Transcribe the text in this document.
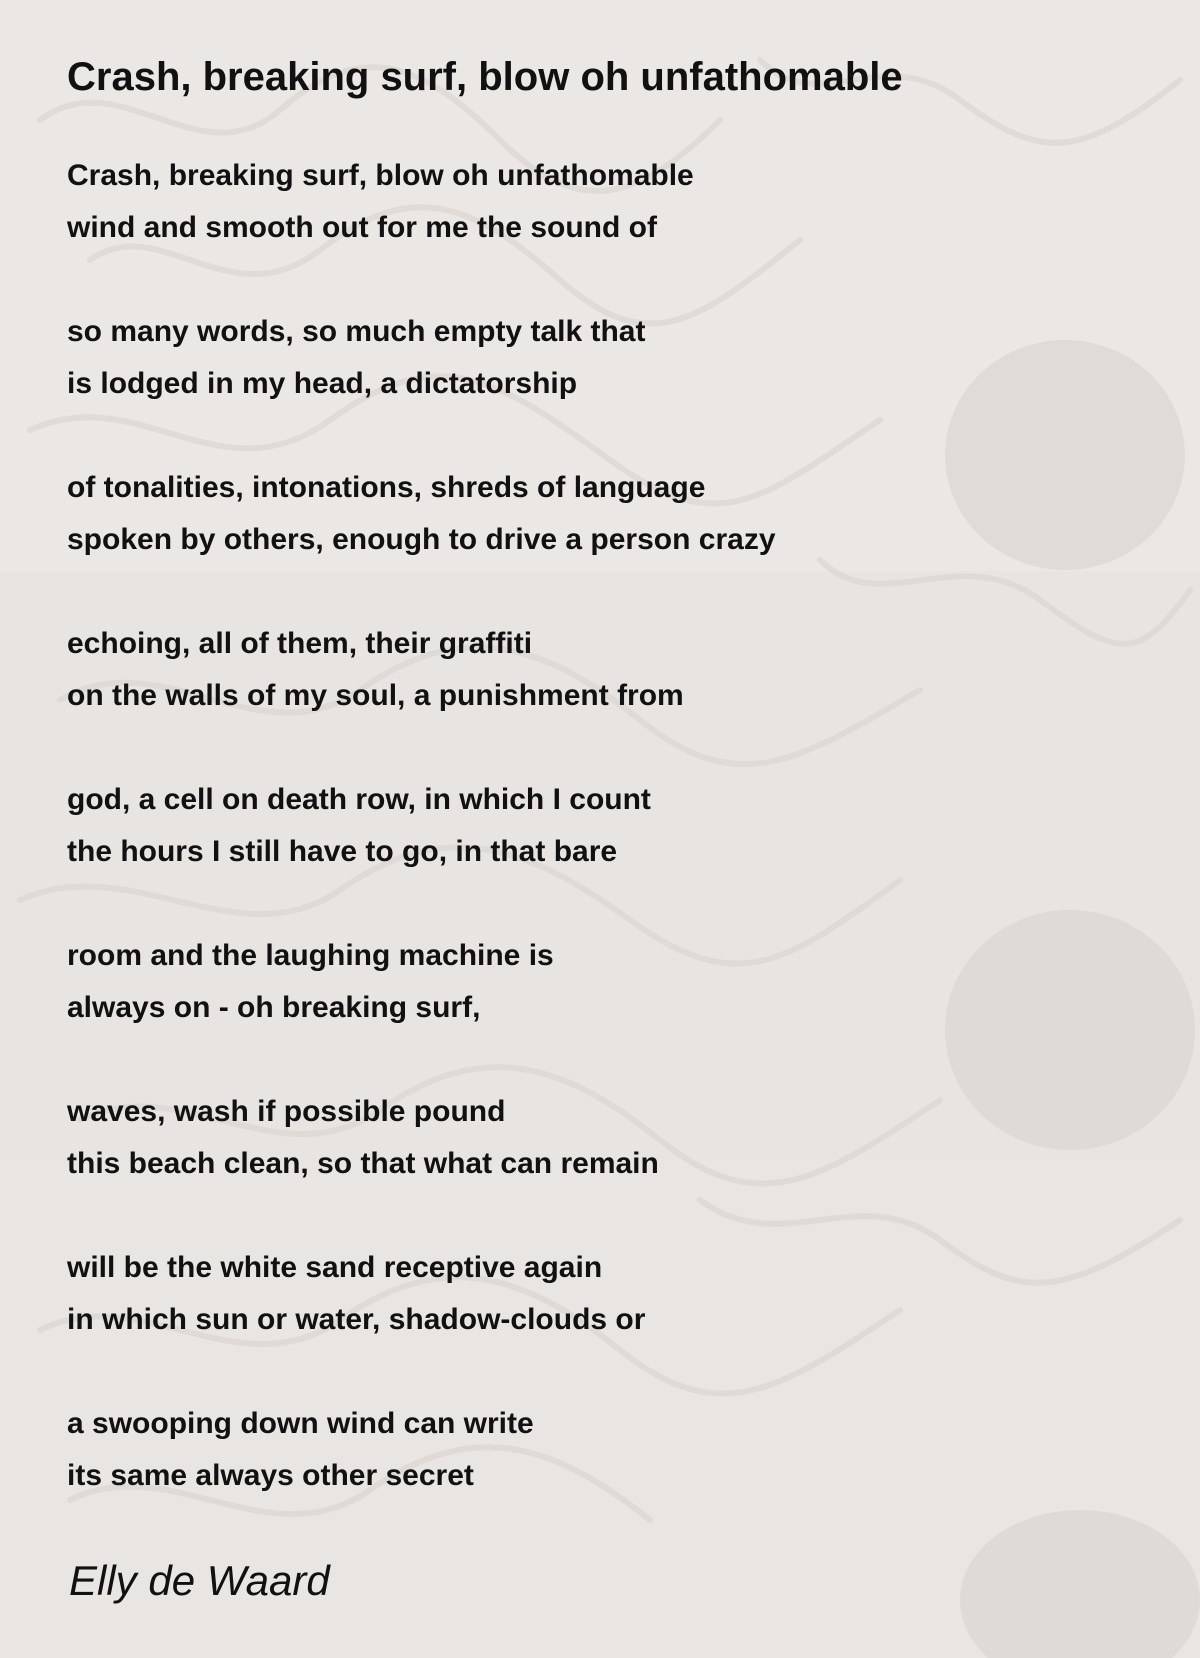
Crash, breaking surf, blow oh unfathomable
Crash, breaking surf, blow oh unfathomable
wind and smooth out for me the sound of
so many words, so much empty talk that
is lodged in my head, a dictatorship
of tonalities, intonations, shreds of language
spoken by others, enough to drive a person crazy
echoing, all of them, their graffiti
on the walls of my soul, a punishment from
god, a cell on death row, in which I count
the hours I still have to go, in that bare
room and the laughing machine is
always on - oh breaking surf,
waves, wash if possible pound
this beach clean, so that what can remain
will be the white sand receptive again
in which sun or water, shadow-clouds or
a swooping down wind can write
its same always other secret

Elly de Waard
